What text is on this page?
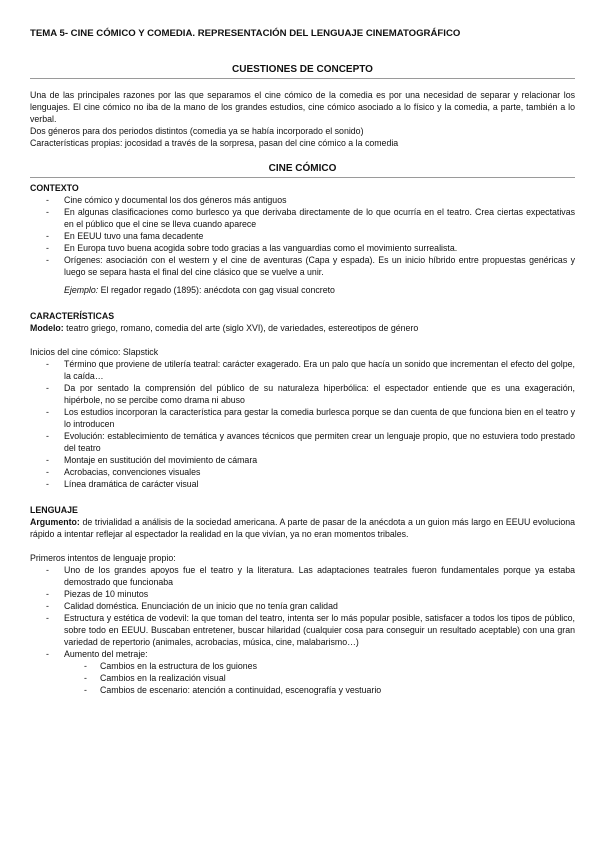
TEMA 5- CINE CÓMICO Y COMEDIA. REPRESENTACIÓN DEL LENGUAJE CINEMATOGRÁFICO
CUESTIONES DE CONCEPTO

Una de las principales razones por las que separamos el cine cómico de la comedia es por una necesidad de separar y relacionar los lenguajes. El cine cómico no iba de la mano de los grandes estudios, cine cómico asociado a lo físico y la comedia, a parte, también a lo verbal.

Dos géneros para dos periodos distintos (comedia ya se había incorporado el sonido)

Características propias: jocosidad a través de la sorpresa, pasan del cine cómico a la comedia

CINE CÓMICO
CONTEXTO
- Cine cómico y documental los dos géneros más antiguos
- En algunas clasificaciones como burlesco ya que derivaba directamente de lo que ocurría en el teatro. Crea ciertas expectativas en el público que el cine se lleva cuando aparece
- En EEUU tuvo una fama decadente
- En Europa tuvo buena acogida sobre todo gracias a las vanguardias como el movimiento surrealista.
- Orígenes: asociación con el western y el cine de aventuras (Capa y espada). Es un inicio híbrido entre propuestas genéricas y luego se separa hasta el final del cine clásico que se vuelve a unir.

Ejemplo: El regador regado (1895): anécdota con gag visual concreto

CARACTERÍSTICAS

Modelo: teatro griego, romano, comedia del arte (siglo XVI), de variedades, estereotipos de género

Inicios del cine cómico: Slapstick

- Término que proviene de utilería teatral: carácter exagerado. Era un palo que hacía un sonido que incrementan el efecto del golpe, la caída…
- Da por sentado la comprensión del público de su naturaleza hiperbólica: el espectador entiende que es una exageración, hipérbole, no se percibe como drama ni abuso
- Los estudios incorporan la característica para gestar la comedia burlesca porque se dan cuenta de que funciona bien en el teatro y lo introducen
- Evolución: establecimiento de temática y avances técnicos que permiten crear un lenguaje propio, que no estuviera todo prestado del teatro
- Montaje en sustitución del movimiento de cámara
- Acrobacias, convenciones visuales
- Línea dramática de carácter visual
LENGUAJE

Argumento: de trivialidad a análisis de la sociedad americana. A parte de pasar de la anécdota a un guion más largo en EEUU evoluciona rápido a intentar reflejar al espectador la realidad en la que vivían, ya no eran momentos tribales.

Primeros intentos de lenguaje propio:

- Uno de los grandes apoyos fue el teatro y la literatura. Las adaptaciones teatrales fueron fundamentales porque ya estaba demostrado que funcionaba
- Piezas de 10 minutos
- Calidad doméstica. Enunciación de un inicio que no tenía gran calidad
- Estructura y estética de vodevil: la que toman del teatro, intenta ser lo más popular posible, satisfacer a todos los tipos de público, sobre todo en EEUU. Buscaban entretener, buscar hilaridad (cualquier cosa para conseguir un resultado aceptable) con una gran variedad de repertorio (animales, acrobacias, música, cine, malabarismo…)
- Aumento del metraje:
- Cambios en la estructura de los guiones
- Cambios en la realización visual
- Cambios de escenario: atención a continuidad, escenografía y vestuario
